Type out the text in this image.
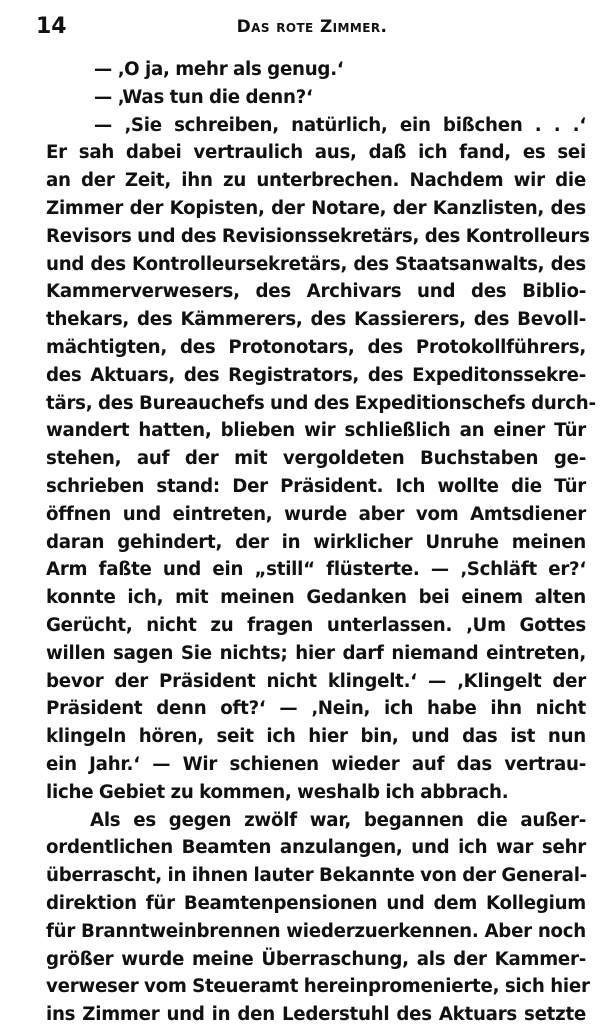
14	Das rote Zimmer.
— ‚O ja, mehr als genug.‘
— ‚Was tun die denn?‘
— ‚Sie schreiben, natürlich, ein bißchen . . .‘
Er sah dabei vertraulich aus, daß ich fand, es sei
an der Zeit, ihn zu unterbrechen. Nachdem wir die
Zimmer der Kopisten, der Notare, der Kanzlisten, des
Revisors und des Revisionssekretärs, des Kontrolleurs
und des Kontrolleursekretärs, des Staatsanwalts, des
Kammerverwesers, des Archivars und des Biblio-
thekars, des Kämmerers, des Kassierers, des Bevoll-
mächtigten, des Protonotars, des Protokollführers,
des Aktuars, des Registrators, des Expeditonssekre-
tärs, des Bureauchefs und des Expeditionschefs durch-
wandert hatten, blieben wir schließlich an einer Tür
stehen, auf der mit vergoldeten Buchstaben ge-
schrieben stand: Der Präsident. Ich wollte die Tür
öffnen und eintreten, wurde aber vom Amtsdiener
daran gehindert, der in wirklicher Unruhe meinen
Arm faßte und ein „still“ flüsterte. — ‚Schläft er?‘
konnte ich, mit meinen Gedanken bei einem alten
Gerücht, nicht zu fragen unterlassen. ‚Um Gottes
willen sagen Sie nichts; hier darf niemand eintreten,
bevor der Präsident nicht klingelt.‘ — ‚Klingelt der
Präsident denn oft?‘ — ‚Nein, ich habe ihn nicht
klingeln hören, seit ich hier bin, und das ist nun
ein Jahr.‘ — Wir schienen wieder auf das vertrau-
liche Gebiet zu kommen, weshalb ich abbrach.
Als es gegen zwölf war, begannen die außer-
ordentlichen Beamten anzulangen, und ich war sehr
überrascht, in ihnen lauter Bekannte von der General-
direktion für Beamtenpensionen und dem Kollegium
für Branntweinbrennen wiederzuerkennen. Aber noch
größer wurde meine Überraschung, als der Kammer-
verweser vom Steueramt hereinpromenierte, sich hier
ins Zimmer und in den Lederstuhl des Aktuars setzte
